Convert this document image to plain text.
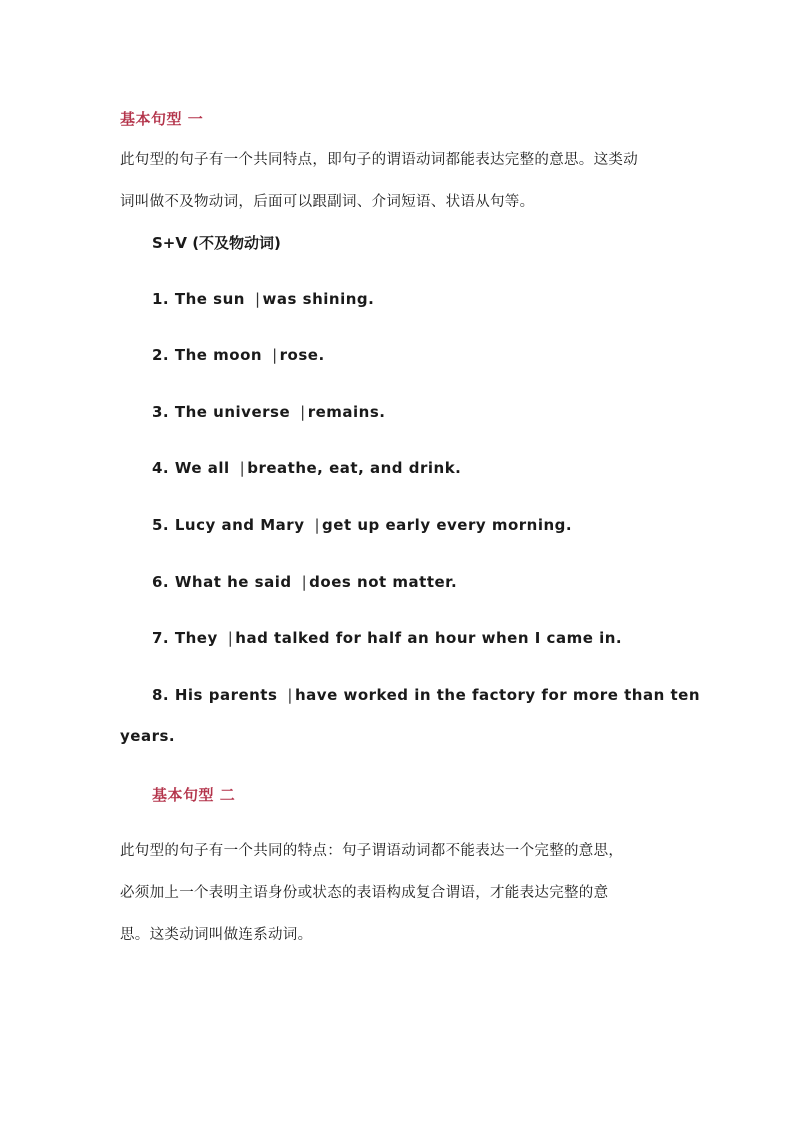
基本句型 一
此句型的句子有一个共同特点，即句子的谓语动词都能表达完整的意思。这类动
词叫做不及物动词，后面可以跟副词、介词短语、状语从句等。
S+V (不及物动词)
1. The sun | was shining.
2. The moon | rose.
3. The universe | remains.
4. We all | breathe, eat, and drink.
5. Lucy and Mary | get up early every morning.
6. What he said | does not matter.
7. They | had talked for half an hour when I came in.
8. His parents | have worked in the factory for more than ten
years.
基本句型 二
此句型的句子有一个共同的特点：句子谓语动词都不能表达一个完整的意思，
必须加上一个表明主语身份或状态的表语构成复合谓语，才能表达完整的意
思。这类动词叫做连系动词。
